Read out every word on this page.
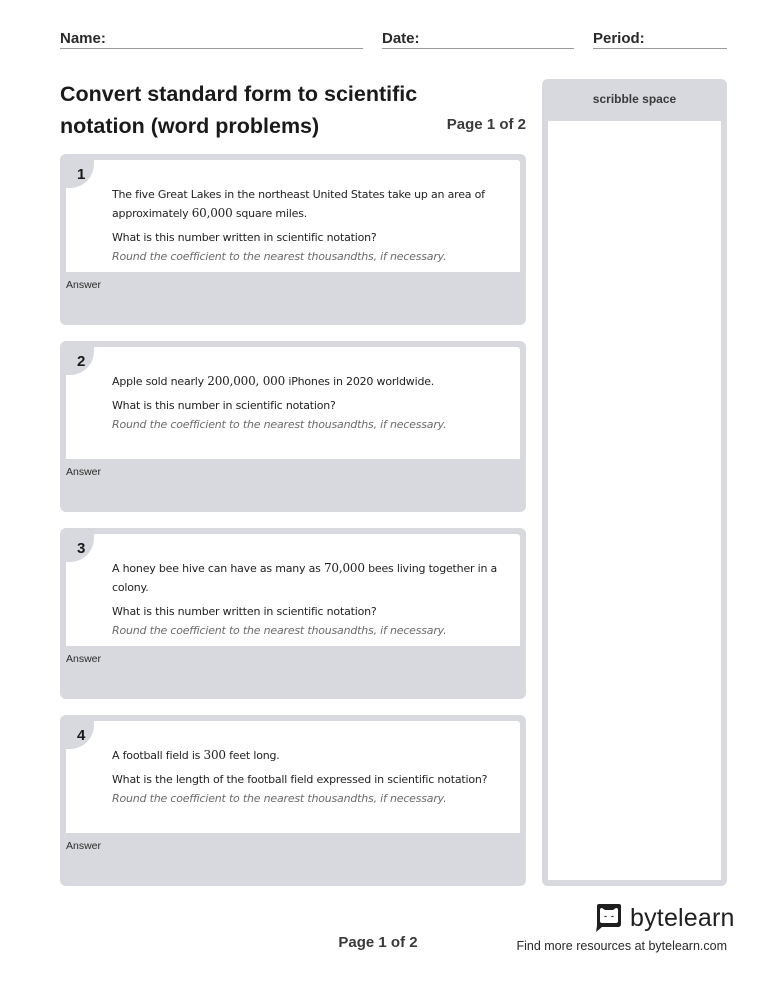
Name:	Date:	Period:
Convert standard form to scientific
notation (word problems)	Page 1 of 2
1

The five Great Lakes in the northeast United States take up an area of approximately 60,000 square miles.

What is this number written in scientific notation?

Round the coefficient to the nearest thousandths, if necessary.

Answer
2

Apple sold nearly 200,000, 000 iPhones in 2020 worldwide.

What is this number in scientific notation?

Round the coefficient to the nearest thousandths, if necessary.

Answer
3

A honey bee hive can have as many as 70,000 bees living together in a colony.

What is this number written in scientific notation?

Round the coefficient to the nearest thousandths, if necessary.

Answer
4

A football field is 300 feet long.

What is the length of the football field expressed in scientific notation?

Round the coefficient to the nearest thousandths, if necessary.

Answer
scribble space
Page 1 of 2
bytelearn
Find more resources at bytelearn.com
